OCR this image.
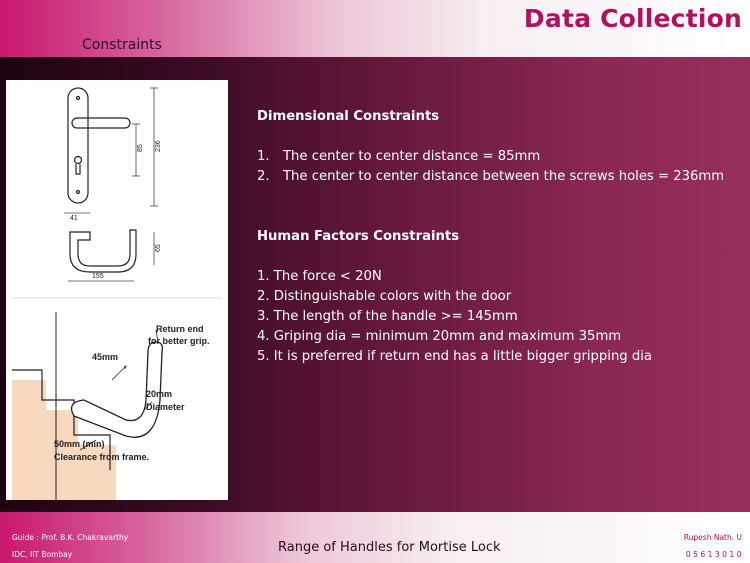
Data Collection
Constraints
85 236
41
65
155
Return end
for better grip.
45mm
20mm
Diameter
50mm (min)
Clearance from frame.

Dimensional Constraints

1. The center to center distance = 85mm
2. The center to center distance between the screws holes = 236mm

Human Factors Constraints

1. The force < 20N
2. Distinguishable colors with the door
3. The length of the handle >= 145mm
4. Griping dia = minimum 20mm and maximum 35mm
5. It is preferred if return end has a little bigger gripping dia
Guide : Prof. B.K. Chakravarthy
IDC, IIT Bombay	Range of Handles for Mortise Lock
Rupesh Nath. U
05613010
